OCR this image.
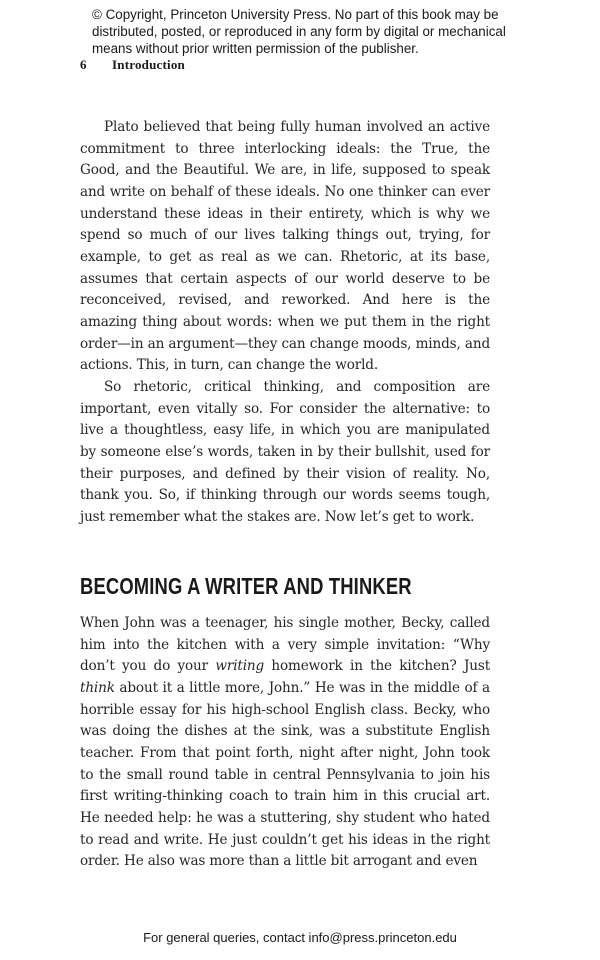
© Copyright, Princeton University Press. No part of this book may be distributed, posted, or reproduced in any form by digital or mechanical means without prior written permission of the publisher.
6 Introduction

Plato believed that being fully human involved an active commitment to three interlocking ideals: the True, the Good, and the Beautiful. We are, in life, supposed to speak and write on behalf of these ideals. No one thinker can ever understand these ideas in their entirety, which is why we spend so much of our lives talking things out, trying, for example, to get as real as we can. Rhetoric, at its base, assumes that certain aspects of our world deserve to be reconceived, revised, and reworked. And here is the amazing thing about words: when we put them in the right order—in an argument—they can change moods, minds, and actions. This, in turn, can change the world.

So rhetoric, critical thinking, and composition are important, even vitally so. For consider the alternative: to live a thoughtless, easy life, in which you are manipulated by someone else’s words, taken in by their bullshit, used for their purposes, and defined by their vision of reality. No, thank you. So, if thinking through our words seems tough, just remember what the stakes are. Now let’s get to work.

BECOMING A WRITER AND THINKER

When John was a teenager, his single mother, Becky, called him into the kitchen with a very simple invitation: “Why don’t you do your writing homework in the kitchen? Just think about it a little more, John.” He was in the middle of a horrible essay for his high-school English class. Becky, who was doing the dishes at the sink, was a substitute English teacher. From that point forth, night after night, John took to the small round table in central Pennsylvania to join his first writing-thinking coach to train him in this crucial art. He needed help: he was a stuttering, shy student who hated to read and write. He just couldn’t get his ideas in the right order. He also was more than a little bit arrogant and even

For general queries, contact info@press.princeton.edu
